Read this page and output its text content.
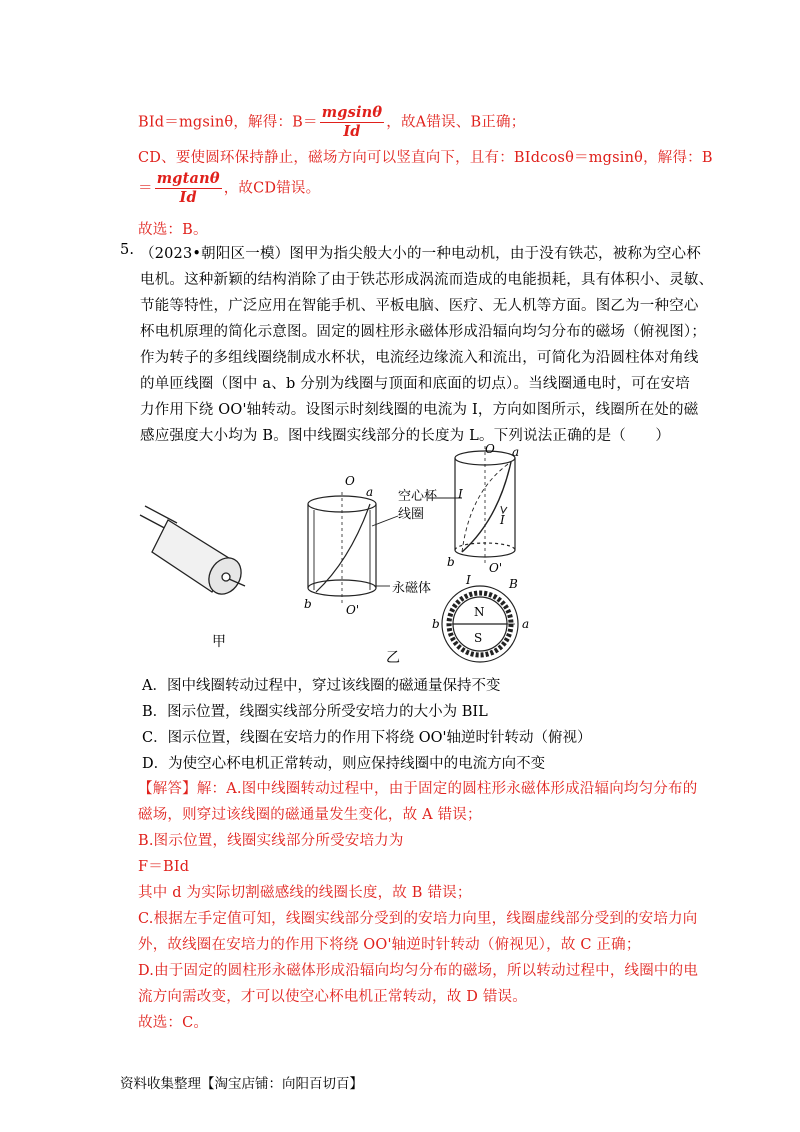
BId＝mgsinθ，解得：$B= \frac{mgsin\theta}{Id}$ ，故A错误、B正确；
CD、要使圆环保持静止，磁场方向可以竖直向下，且有：BIdcosθ＝mgsinθ，解得：B
＝ $\frac{mgtan\theta}{Id}$ ，故CD错误。
故选：B。
5. （2023•朝阳区一模）图甲为指尖般大小的一种电动机，由于没有铁芯，被称为空心杯
电机。这种新颖的结构消除了由于铁芯形成涡流而造成的电能损耗，具有体积小、灵敏、
节能等特性，广泛应用在智能手机、平板电脑、医疗、无人机等方面。图乙为一种空心
杯电机原理的简化示意图。固定的圆柱形永磁体形成沿辐向均匀分布的磁场（俯视图）；
作为转子的多组线圈绕制成水杯状，电流经边缘流入和流出，可简化为沿圆柱体对角线
的单匝线圈（图中 a、b 分别为线圈与顶面和底面的切点）。当线圈通电时，可在安培
力作用下绕 OO'轴转动。设图示时刻线圈的电流为 I，方向如图所示，线圈所在处的磁
感应强度大小均为 B。图中线圈实线部分的长度为 L。下列说法正确的是（　　）
甲
O
a
b	O'
空心杯
线圈
永磁体
乙
O a
I
I
b	O'
N
S
I	B
b	a
A．图中线圈转动过程中，穿过该线圈的磁通量保持不变
B．图示位置，线圈实线部分所受安培力的大小为 BIL
C．图示位置，线圈在安培力的作用下将绕 OO'轴逆时针转动（俯视）
D．为使空心杯电机正常转动，则应保持线圈中的电流方向不变
【解答】解：A.图中线圈转动过程中，由于固定的圆柱形永磁体形成沿辐向均匀分布的
磁场，则穿过该线圈的磁通量发生变化，故 A 错误；
B.图示位置，线圈实线部分所受安培力为
F＝BId
其中 d 为实际切割磁感线的线圈长度，故 B 错误；
C.根据左手定值可知，线圈实线部分受到的安培力向里，线圈虚线部分受到的安培力向
外，故线圈在安培力的作用下将绕 OO'轴逆时针转动（俯视见），故 C 正确；
D.由于固定的圆柱形永磁体形成沿辐向均匀分布的磁场，所以转动过程中，线圈中的电
流方向需改变，才可以使空心杯电机正常转动，故 D 错误。
故选：C。
资料收集整理【淘宝店铺：向阳百切百】
